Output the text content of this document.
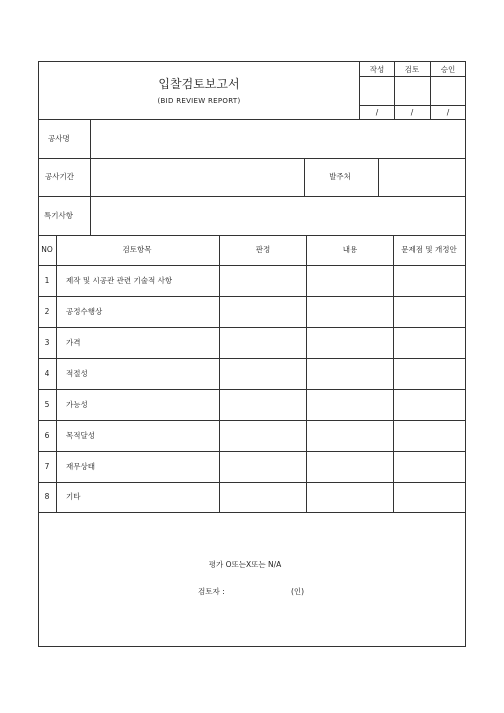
입찰검토보고서
(BID REVIEW REPORT)
작성	검토	승인
/	/	/
공사명
공사기간	발주처
특기사항
NO	검토항목	판정	내용	문제점 및 개정안
1 제작 및 시공관 관련 기술적 사항
2 공정수행상
3 가격
4 적절성
5 가능성
6 목적달성
7 재무상태
8 기타
평가 O또는X또는 N/A
검토자 :	(인)
